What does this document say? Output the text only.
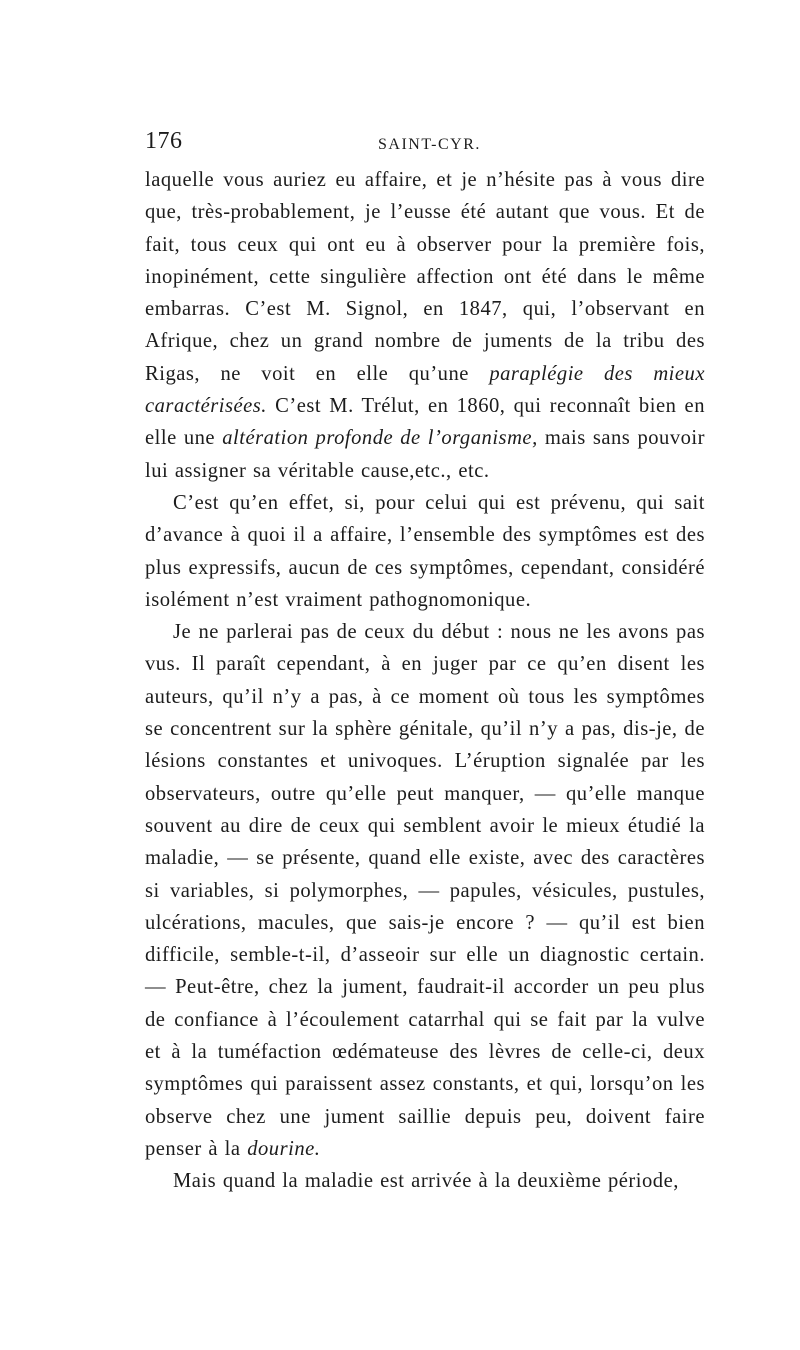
176	SAINT-CYR.

laquelle vous auriez eu affaire, et je n’hésite pas à vous dire que, très-probablement, je l’eusse été autant que vous. Et de fait, tous ceux qui ont eu à observer pour la première fois, inopinément, cette singulière affection ont été dans le même embarras. C’est M. Signol, en 1847, qui, l’observant en Afrique, chez un grand nombre de juments de la tribu des Rigas, ne voit en elle qu’une paraplégie des mieux caractérisées. C’est M. Trélut, en 1860, qui reconnaît bien en elle une altération profonde de l’organisme, mais sans pouvoir lui assigner sa véritable cause,etc., etc.

C’est qu’en effet, si, pour celui qui est prévenu, qui sait d’avance à quoi il a affaire, l’ensemble des symptômes est des plus expressifs, aucun de ces symptômes, cependant, considéré isolément n’est vraiment pathognomonique.

Je ne parlerai pas de ceux du début : nous ne les avons pas vus. Il paraît cependant, à en juger par ce qu’en disent les auteurs, qu’il n’y a pas, à ce moment où tous les symptômes se concentrent sur la sphère génitale, qu’il n’y a pas, dis-je, de lésions constantes et univoques. L’éruption signalée par les observateurs, outre qu’elle peut manquer, — qu’elle manque souvent au dire de ceux qui semblent avoir le mieux étudié la maladie, — se présente, quand elle existe, avec des caractères si variables, si polymorphes, — papules, vésicules, pustules, ulcérations, macules, que sais-je encore ? — qu’il est bien difficile, semble-t-il, d’asseoir sur elle un diagnostic certain. — Peut-être, chez la jument, faudrait-il accorder un peu plus de confiance à l’écoulement catarrhal qui se fait par la vulve et à la tuméfaction œdémateuse des lèvres de celle-ci, deux symptômes qui paraissent assez constants, et qui, lorsqu’on les observe chez une jument saillie depuis peu, doivent faire penser à la dourine.

Mais quand la maladie est arrivée à la deuxième période,
